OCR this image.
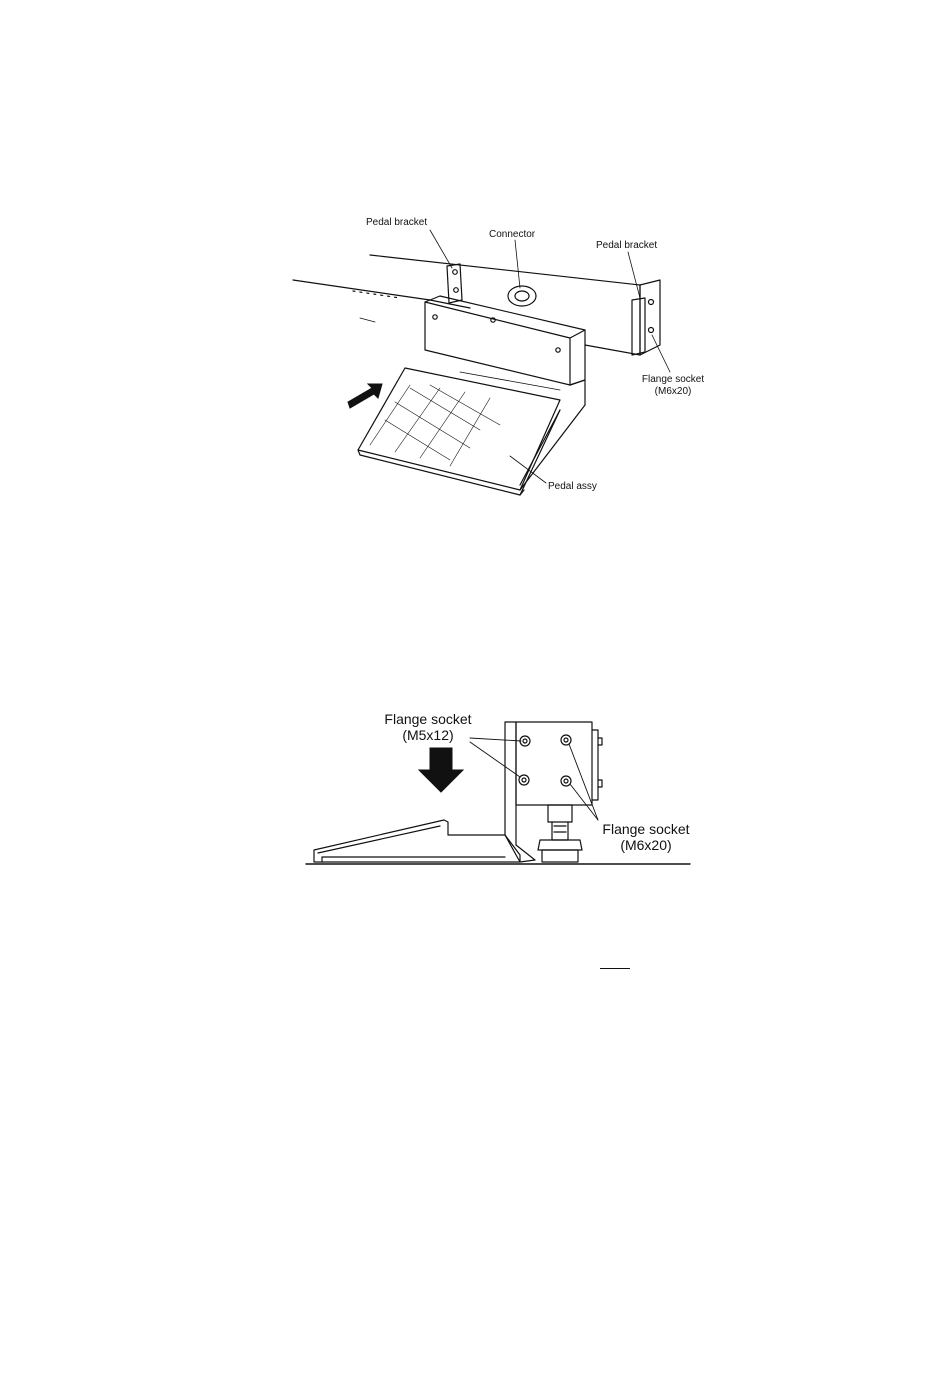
Pedal bracket
Connector
Pedal bracket
Flange socket
(M6x20)
Pedal assy
Flange socket
(M5x12)
Flange socket
(M6x20)
